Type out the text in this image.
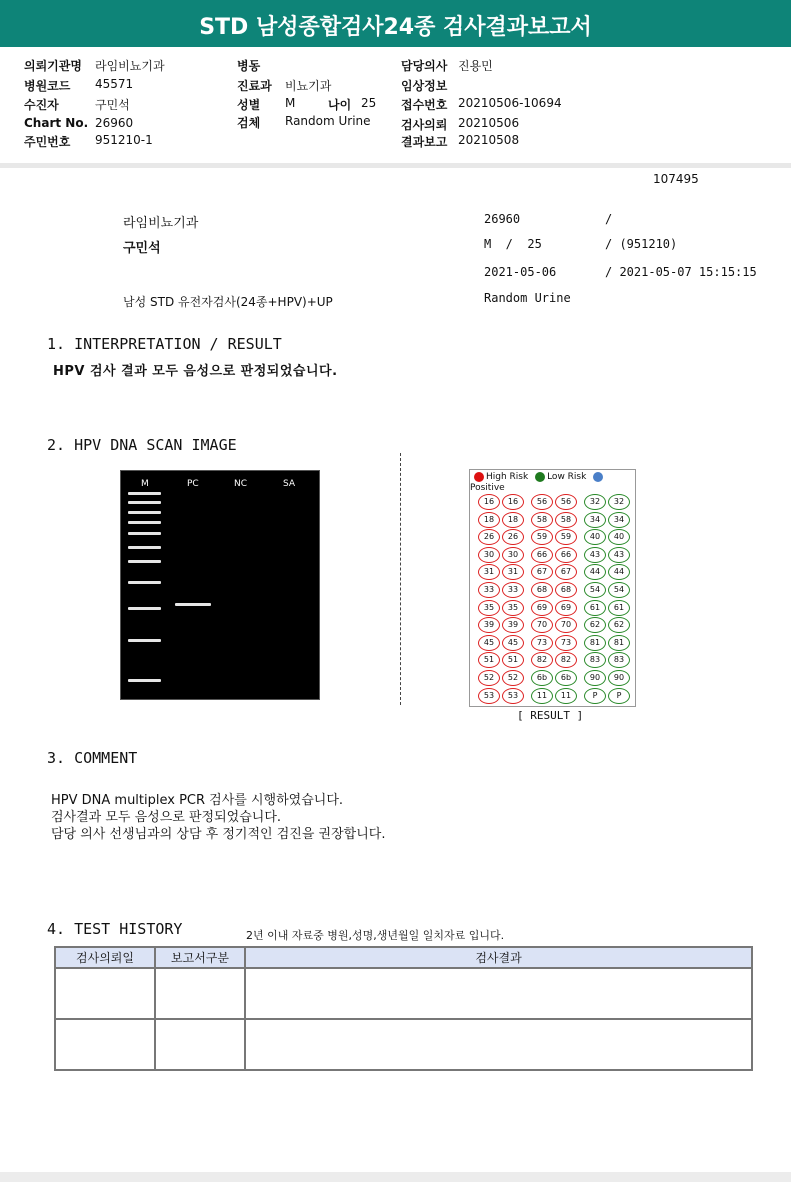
STD 남성종합검사24종 검사결과보고서
의뢰기관명 라임비뇨기과
병원코드 45571
수진자	구민석
Chart No. 26960
주민번호 951210-1
병동
진료과 비뇨기과
성별 M	나이 25
검체 Random Urine
담당의사 진용민
임상정보
접수번호 20210506-10694
검사의뢰 20210506
결과보고 20210508
107495
라임비뇨기과
구민석
남성 STD 유전자검사(24종+HPV)+UP
26960	/
M  /  25	/ (951210)
2021-05-06	/ 2021-05-07 15:15:15
Random Urine
1. INTERPRETATION / RESULT
HPV 검사 결과 모두 음성으로 판정되었습니다.
2. HPV DNA SCAN IMAGE
M	PC	NC	SA
High Risk Low Risk Positive
16	16
18	18
26	26
30	30
31	31
33	33
35	35
39	39
45	45
51	51
52	52
53	53
56	56
58	58
59	59
66	66
67	67
68	68
69	69
70	70
73	73
82	82
6b	6b
11	11
32	32
34	34
40	40
43	43
44	44
54	54
61	61
62	62
81	81
83	83
90	90
P	P
[ RESULT ]
3. COMMENT
HPV DNA multiplex PCR 검사를 시행하였습니다.
검사결과 모두 음성으로 판정되었습니다.
담당 의사 선생님과의 상담 후 정기적인 검진을 권장합니다.
4. TEST HISTORY	2년 이내 자료중 병원,성명,생년월일 일치자료 입니다.
검사의뢰일	보고서구분	검사결과
